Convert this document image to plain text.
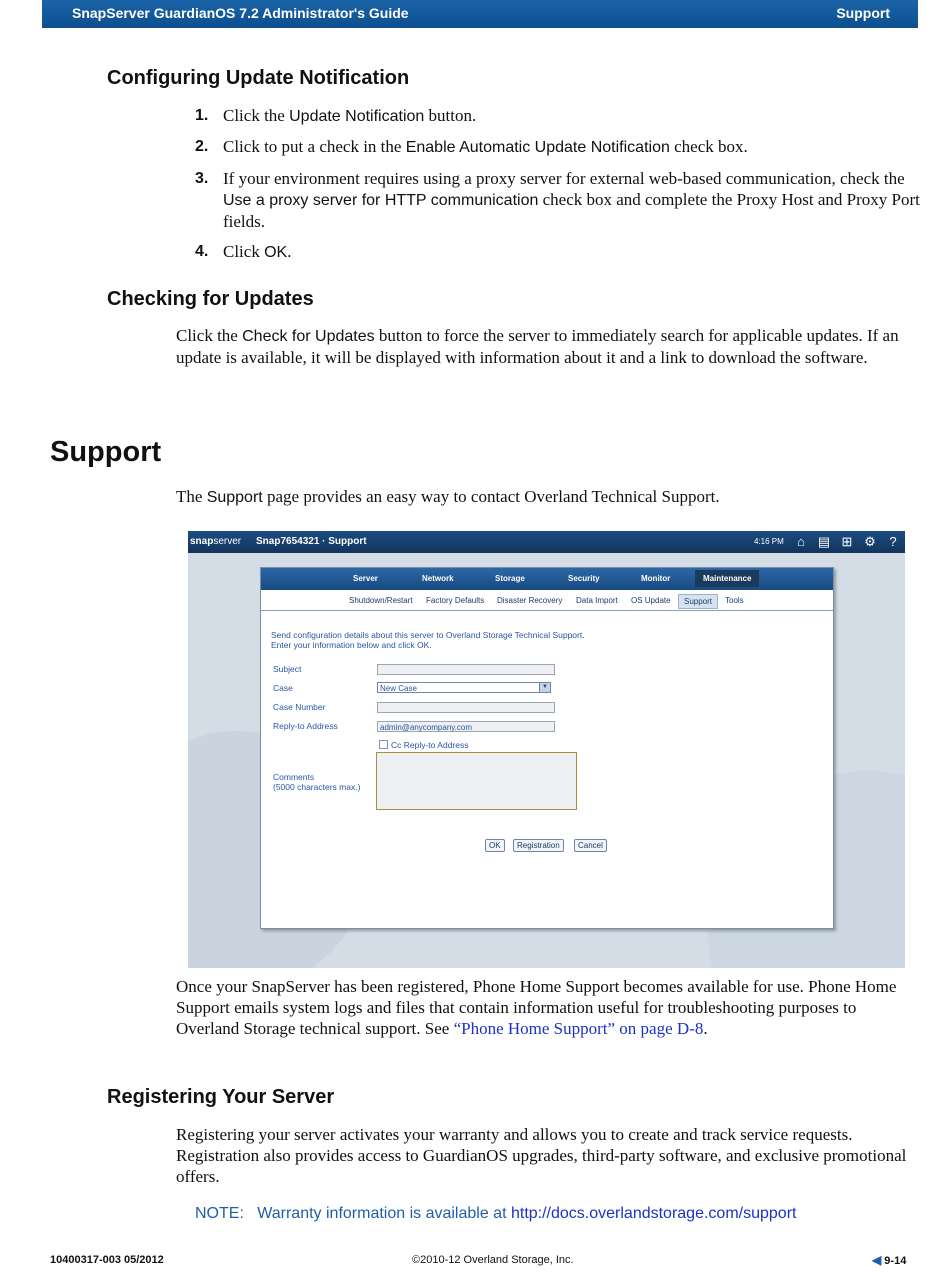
SnapServer GuardianOS 7.2 Administrator's Guide	Support
Configuring Update Notification
1. Click the Update Notification button.
2. Click to put a check in the Enable Automatic Update Notification check box.
3. If your environment requires using a proxy server for external web-based communication, check the Use a proxy server for HTTP communication check box and complete the Proxy Host and Proxy Port fields.
4. Click OK.
Checking for Updates

Click the Check for Updates button to force the server to immediately search for applicable updates. If an update is available, it will be displayed with information about it and a link to download the software.

Support

The Support page provides an easy way to contact Overland Technical Support.

snapserver Snap7654321 · Support	4:16 PM	⌂ ▤ ⊞ ⚙	?
Server	Network	Storage	Security	Monitor	Maintenance
Shutdown/Restart Factory Defaults Disaster Recovery Data Import OS Update	Support	Tools
Send configuration details about this server to Overland Storage Technical Support.
Enter your information below and click OK.
Subject
Case	New Case	▼
Case Number
Reply-to Address	admin@anycompany.com
Cc Reply-to Address
Comments
(5000 characters max.)
OK	Registration	Cancel

Once your SnapServer has been registered, Phone Home Support becomes available for use. Phone Home Support emails system logs and files that contain information useful for troubleshooting purposes to Overland Storage technical support. See “Phone Home Support” on page D-8.

Registering Your Server

Registering your server activates your warranty and allows you to create and track service requests. Registration also provides access to GuardianOS upgrades, third-party software, and exclusive promotional offers.

NOTE: Warranty information is available at http://docs.overlandstorage.com/support
10400317-003 05/2012	©2010-12 Overland Storage, Inc.	◀ 9-14
